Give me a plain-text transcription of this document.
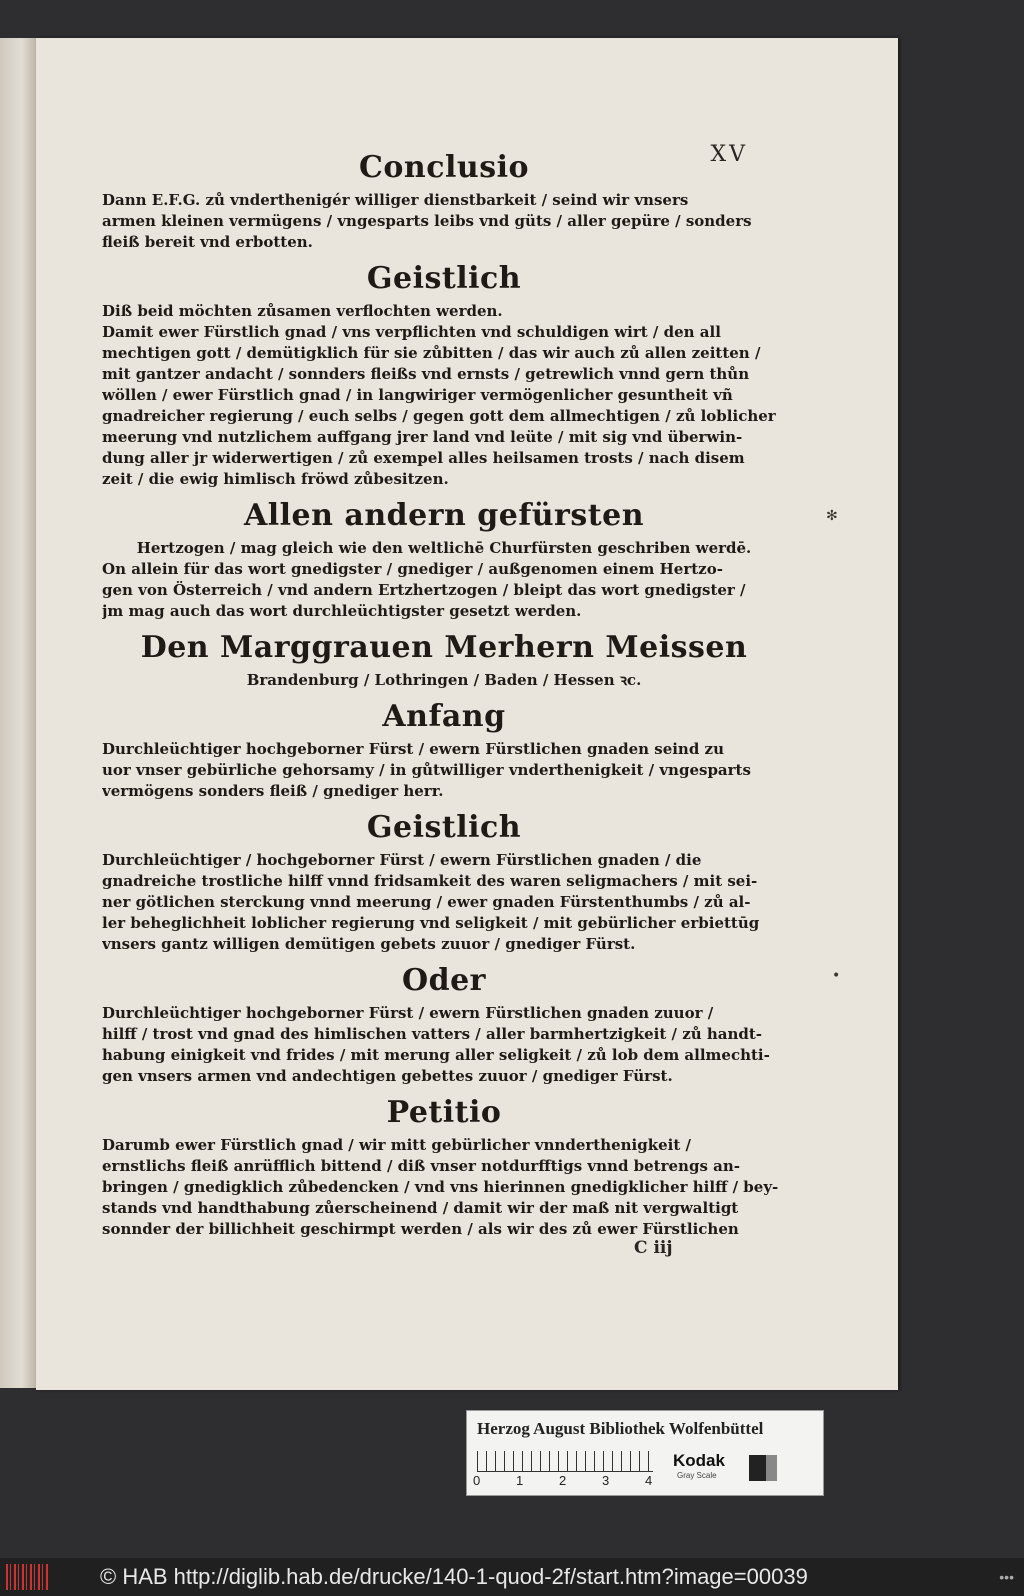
XV
Conclusio
Dann E.F.G. zů vnderthenigér williger dienstbarkeit / seind wir vnsers
armen kleinen vermügens / vngesparts leibs vnd güts / aller gepüre / sonders
fleiß bereit vnd erbotten.
Geistlich
Diß beid möchten zůsamen verflochten werden.
Damit ewer Fürstlich gnad / vns verpflichten vnd schuldigen wirt / den all
mechtigen gott / demütigklich für sie zůbitten / das wir auch zů allen zeitten /
mit gantzer andacht / sonnders fleißs vnd ernsts / getrewlich vnnd gern thůn
wöllen / ewer Fürstlich gnad / in langwiriger vermögenlicher gesuntheit vñ
gnadreicher regierung / euch selbs / gegen gott dem allmechtigen / zů loblicher
meerung vnd nutzlichem auffgang jrer land vnd leüte / mit sig vnd überwin-
dung aller jr widerwertigen / zů exempel alles heilsamen trosts / nach disem
zeit / die ewig himlisch fröwd zůbesitzen.
Allen andern gefürsten
Hertzogen / mag gleich wie den weltlichē Churfürsten geschriben werdē.
On allein für das wort gnedigster / gnediger / außgenomen einem Hertzo-
gen von Österreich / vnd andern Ertzhertzogen / bleipt das wort gnedigster /
jm mag auch das wort durchleüchtigster gesetzt werden.
Den Marggrauen Merhern Meissen
Brandenburg / Lothringen / Baden / Hessen ꝛc.
Anfang
Durchleüchtiger hochgeborner Fürst / ewern Fürstlichen gnaden seind zu
uor vnser gebürliche gehorsamy / in gůtwilliger vnderthenigkeit / vngesparts
vermögens sonders fleiß / gnediger herr.
Geistlich
Durchleüchtiger / hochgeborner Fürst / ewern Fürstlichen gnaden / die
gnadreiche trostliche hilff vnnd fridsamkeit des waren seligmachers / mit sei-
ner götlichen sterckung vnnd meerung / ewer gnaden Fürstenthumbs / zů al-
ler beheglichheit loblicher regierung vnd seligkeit / mit gebürlicher erbiettūg
vnsers gantz willigen demütigen gebets zuuor / gnediger Fürst.
Oder
Durchleüchtiger hochgeborner Fürst / ewern Fürstlichen gnaden zuuor /
hilff / trost vnd gnad des himlischen vatters / aller barmhertzigkeit / zů handt-
habung einigkeit vnd frides / mit merung aller seligkeit / zů lob dem allmechti-
gen vnsers armen vnd andechtigen gebettes zuuor / gnediger Fürst.
Petitio
Darumb ewer Fürstlich gnad / wir mitt gebürlicher vnnderthenigkeit /
ernstlichs fleiß anrüfflich bittend / diß vnser notdurfftigs vnnd betrengs an-
bringen / gnedigklich zůbedencken / vnd vns hierinnen gnedigklicher hilff / bey-
stands vnd handthabung zůerscheinend / damit wir der maß nit vergwaltigt
sonnder der billichheit geschirmpt werden / als wir des zů ewer Fürstlichen
C iij
✻
•
Herzog August Bibliothek Wolfenbüttel
0	1	2	3	4
Kodak
Gray Scale
© HAB http://diglib.hab.de/drucke/140-1-quod-2f/start.htm?image=00039	•••
